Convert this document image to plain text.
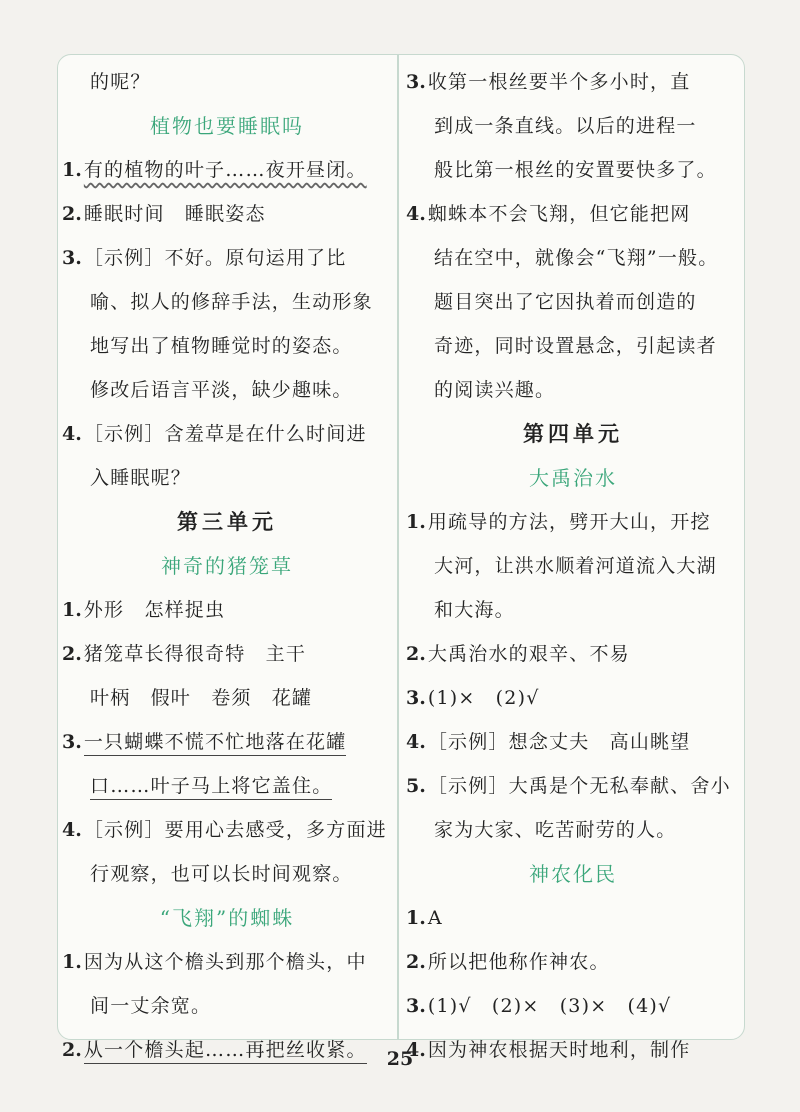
的呢？
植物也要睡眠吗
1. 有的植物的叶子……夜开昼闭。
2. 睡眠时间　睡眠姿态
3. ［示例］不好。原句运用了比
喻、拟人的修辞手法，生动形象
地写出了植物睡觉时的姿态。
修改后语言平淡，缺少趣味。
4. ［示例］含羞草是在什么时间进
入睡眠呢？
第三单元
神奇的猪笼草
1. 外形　怎样捉虫
2. 猪笼草长得很奇特　主干
叶柄　假叶　卷须　花罐
3. 一只蝴蝶不慌不忙地落在花罐
口……叶子马上将它盖住。
4. ［示例］要用心去感受，多方面进
行观察，也可以长时间观察。
“飞翔”的蜘蛛
1. 因为从这个檐头到那个檐头，中
间一丈余宽。
2. 从一个檐头起……再把丝收紧。
3. 收第一根丝要半个多小时，直
到成一条直线。以后的进程一
般比第一根丝的安置要快多了。
4. 蜘蛛本不会飞翔，但它能把网
结在空中，就像会“飞翔”一般。
题目突出了它因执着而创造的
奇迹，同时设置悬念，引起读者
的阅读兴趣。
第四单元
大禹治水
1. 用疏导的方法，劈开大山，开挖
大河，让洪水顺着河道流入大湖
和大海。
2. 大禹治水的艰辛、不易
3. (1)×　(2)√
4. ［示例］想念丈夫　高山眺望
5. ［示例］大禹是个无私奉献、舍小
家为大家、吃苦耐劳的人。
神农化民
1. A
2. 所以把他称作神农。
3. (1)√　(2)×　(3)×　(4)√
4. 因为神农根据天时地利，制作
25
